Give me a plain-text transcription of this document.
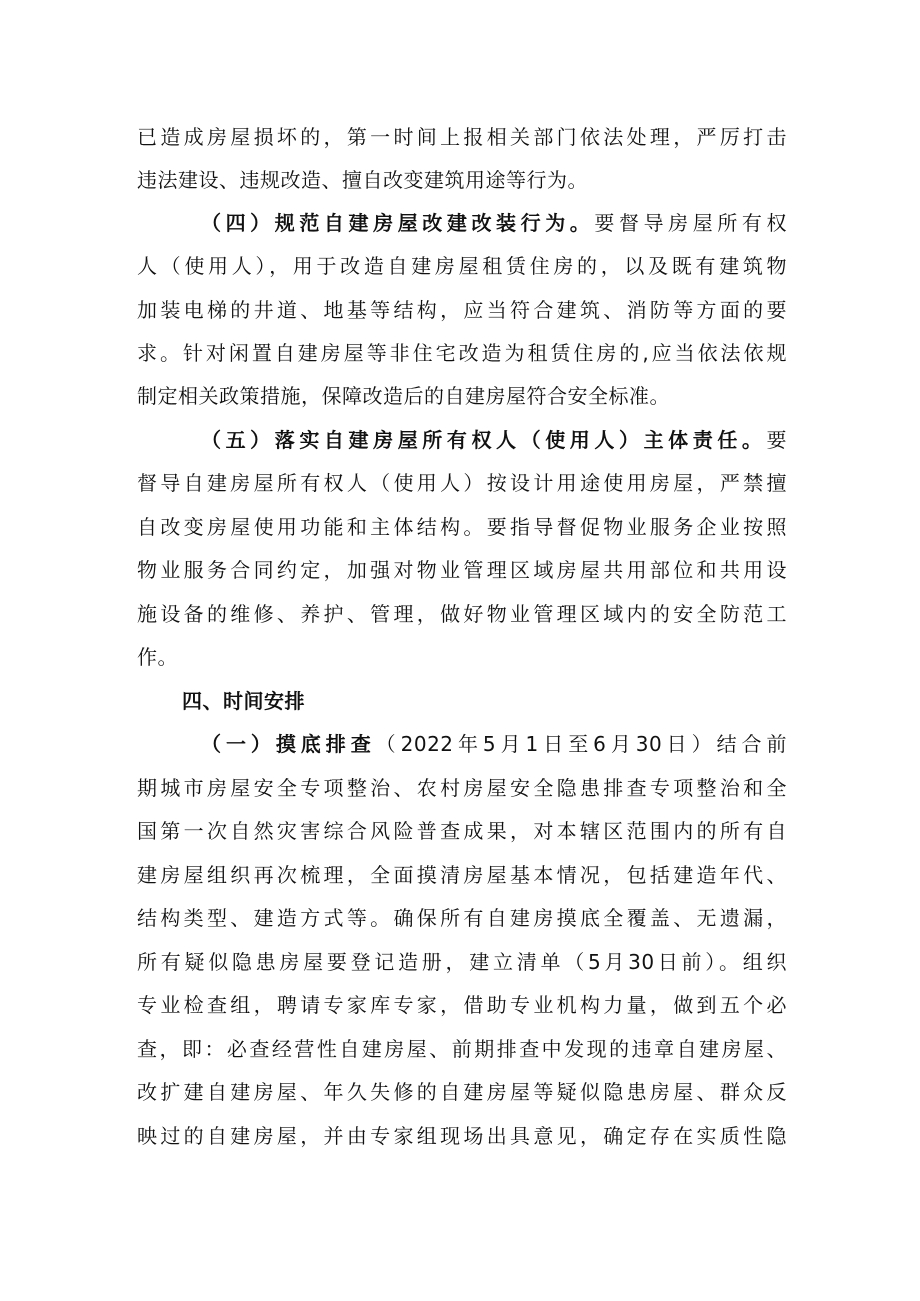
已造成房屋损坏的，第一时间上报相关部门依法处理，严厉打击
违法建设、违规改造、擅自改变建筑用途等行为。
（四）规范自建房屋改建改装行为。要督导房屋所有权
人（使用人），用于改造自建房屋租赁住房的，以及既有建筑物
加装电梯的井道、地基等结构，应当符合建筑、消防等方面的要
求。针对闲置自建房屋等非住宅改造为租赁住房的,应当依法依规
制定相关政策措施，保障改造后的自建房屋符合安全标准。
（五）落实自建房屋所有权人（使用人）主体责任。要
督导自建房屋所有权人（使用人）按设计用途使用房屋，严禁擅
自改变房屋使用功能和主体结构。要指导督促物业服务企业按照
物业服务合同约定，加强对物业管理区域房屋共用部位和共用设
施设备的维修、养护、管理，做好物业管理区域内的安全防范工
作。
四、时间安排
（一）摸底排查（2022年5月1日至6月30日）结合前
期城市房屋安全专项整治、农村房屋安全隐患排查专项整治和全
国第一次自然灾害综合风险普查成果，对本辖区范围内的所有自
建房屋组织再次梳理，全面摸清房屋基本情况，包括建造年代、
结构类型、建造方式等。确保所有自建房摸底全覆盖、无遗漏，
所有疑似隐患房屋要登记造册，建立清单（5月30日前）。组织
专业检查组，聘请专家库专家，借助专业机构力量，做到五个必
查，即：必查经营性自建房屋、前期排查中发现的违章自建房屋、
改扩建自建房屋、年久失修的自建房屋等疑似隐患房屋、群众反
映过的自建房屋，并由专家组现场出具意见，确定存在实质性隐
